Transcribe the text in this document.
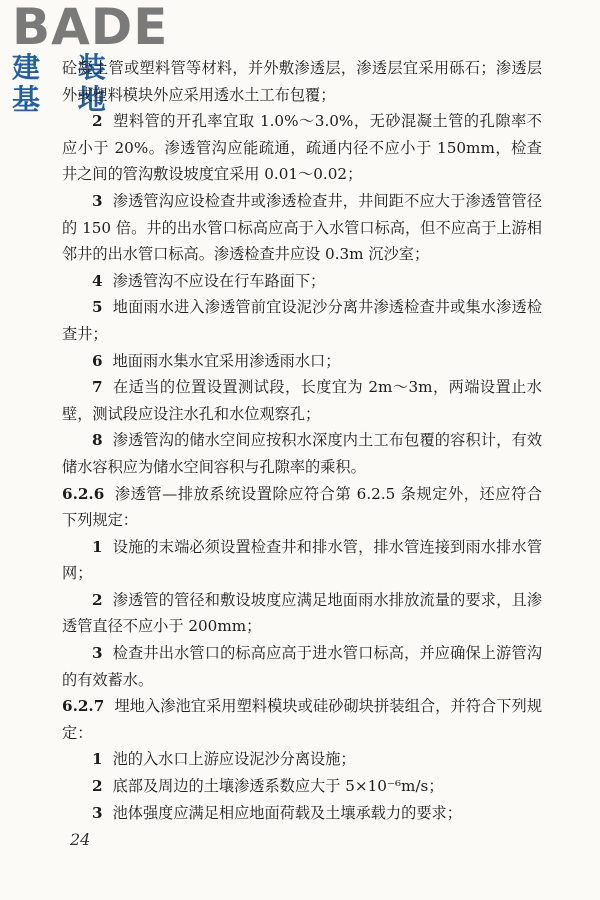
BADE
建 装 基 地

砼凝土管或塑料管等材料，并外敷渗透层，渗透层宜采用砾石；渗透层外或塑料模块外应采用透水土工布包覆；

2 塑料管的开孔率宜取 1.0%～3.0%，无砂混凝土管的孔隙率不应小于 20%。渗透管沟应能疏通，疏通内径不应小于 150mm，检查井之间的管沟敷设坡度宜采用 0.01～0.02；

3 渗透管沟应设检查井或渗透检查井，井间距不应大于渗透管管径的 150 倍。井的出水管口标高应高于入水管口标高，但不应高于上游相邻井的出水管口标高。渗透检查井应设 0.3m 沉沙室；

4 渗透管沟不应设在行车路面下；

5 地面雨水进入渗透管前宜设泥沙分离井渗透检查井或集水渗透检查井；

6 地面雨水集水宜采用渗透雨水口；

7 在适当的位置设置测试段，长度宜为 2m～3m，两端设置止水壁，测试段应设注水孔和水位观察孔；

8 渗透管沟的储水空间应按积水深度内土工布包覆的容积计，有效储水容积应为储水空间容积与孔隙率的乘积。

6.2.6 渗透管—排放系统设置除应符合第 6.2.5 条规定外，还应符合下列规定：

1 设施的末端必须设置检查井和排水管，排水管连接到雨水排水管网；

2 渗透管的管径和敷设坡度应满足地面雨水排放流量的要求，且渗透管直径不应小于 200mm；

3 检查井出水管口的标高应高于进水管口标高，并应确保上游管沟的有效蓄水。

6.2.7 埋地入渗池宜采用塑料模块或硅砂砌块拼装组合，并符合下列规定：

1 池的入水口上游应设泥沙分离设施；

2 底部及周边的土壤渗透系数应大于 5×10⁻⁶m/s；

3 池体强度应满足相应地面荷载及土壤承载力的要求；

24
